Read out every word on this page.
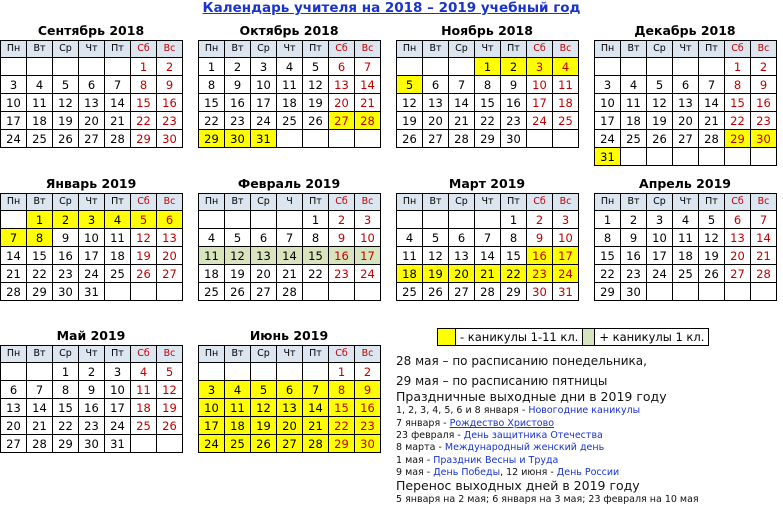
Календарь учителя на 2018 – 2019 учебный год
Сентябрь 2018
Пн	Вт	Ср	Чт	Пт	Сб	Вс
					1	2
3	4	5	6	7	8	9
10	11	12	13	14	15	16
17	18	19	20	21	22	23
24	25	26	27	28	29	30
Октябрь 2018
Пн	Вт	Ср	Чт	Пт	Сб	Вс
1	2	3	4	5	6	7
8	9	10	11	12	13	14
15	16	17	18	19	20	21
22	23	24	25	26	27	28
29	30	31				
Ноябрь 2018
Пн	Вт	Ср	Чт	Пт	Сб	Вс
			1	2	3	4
5	6	7	8	9	10	11
12	13	14	15	16	17	18
19	20	21	22	23	24	25
26	27	28	29	30		
Декабрь 2018
Пн	Вт	Ср	Чт	Пт	Сб	Вс
					1	2
3	4	5	6	7	8	9
10	11	12	13	14	15	16
17	18	19	20	21	22	23
24	25	26	27	28	29	30
31						
Январь 2019
Пн	Вт	Ср	Чт	Пт	Сб	Вс
	1	2	3	4	5	6
7	8	9	10	11	12	13
14	15	16	17	18	19	20
21	22	23	24	25	26	27
28	29	30	31			
Февраль 2019
Пн	Вт	Ср	Ч	Пт	Сб	Вс
				1	2	3
4	5	6	7	8	9	10
11	12	13	14	15	16	17
18	19	20	21	22	23	24
25	26	27	28			
Март 2019
Пн	Вт	Ср	Чт	Пт	Сб	Вс
				1	2	3
4	5	6	7	8	9	10
11	12	13	14	15	16	17
18	19	20	21	22	23	24
25	26	27	28	29	30	31
Апрель 2019
Пн	Вт	Ср	Чт	Пт	Сб	Вс
1	2	3	4	5	6	7
8	9	10	11	12	13	14
15	16	17	18	19	20	21
22	23	24	25	26	27	28
29	30					
Май 2019
Пн	Вт	Ср	Чт	Пт	Сб	Вс
		1	2	3	4	5
6	7	8	9	10	11	12
13	14	15	16	17	18	19
20	21	22	23	24	25	26
27	28	29	30	31		
Июнь 2019
Пн	Вт	Ср	Чт	Пт	Сб	Вс
					1	2
3	4	5	6	7	8	9
10	11	12	13	14	15	16
17	18	19	20	21	22	23
24	25	26	27	28	29	30
- каникулы 1-11 кл.	+ каникулы 1 кл.
28 мая – по расписанию понедельника,
29 мая – по расписанию пятницы
Праздничные выходные дни в 2019 году
1, 2, 3, 4, 5, 6 и 8 января - Новогодние каникулы
7 января - Рождество Христово
23 февраля - День защитника Отечества
8 марта - Международный женский день
1 мая - Праздник Весны и Труда
9 мая - День Победы, 12 июня - День России
Перенос выходных дней в 2019 году
5 января на 2 мая; 6 января на 3 мая; 23 февраля на 10 мая
